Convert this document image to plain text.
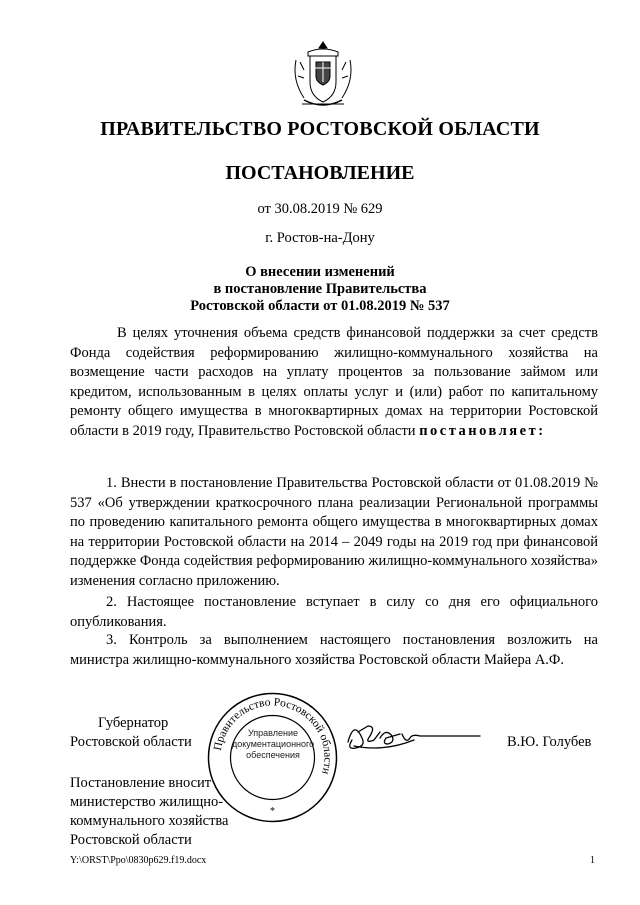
ПРАВИТЕЛЬСТВО РОСТОВСКОЙ ОБЛАСТИ
ПОСТАНОВЛЕНИЕ
от 30.08.2019 № 629
г. Ростов-на-Дону
О внесении изменений
в постановление Правительства
Ростовской области от 01.08.2019 № 537

В целях уточнения объема средств финансовой поддержки за счет средств Фонда содействия реформированию жилищно-коммунального хозяйства на возмещение части расходов на уплату процентов за пользование займом или кредитом, использованным в целях оплаты услуг и (или) работ по капитальному ремонту общего имущества в многоквартирных домах на территории Ростовской области в 2019 году, Правительство Ростовской области постановляет:

1. Внести в постановление Правительства Ростовской области от 01.08.2019 № 537 «Об утверждении краткосрочного плана реализации Региональной программы по проведению капитального ремонта общего имущества в многоквартирных домах на территории Ростовской области на 2014 – 2049 годы на 2019 год при финансовой поддержке Фонда содействия реформированию жилищно-коммунального хозяйства» изменения согласно приложению.

2. Настоящее постановление вступает в силу со дня его официального опубликования.

3. Контроль за выполнением настоящего постановления возложить на министра жилищно-коммунального хозяйства Ростовской области Майера А.Ф.

Губернатор
Ростовской области Правительство Ростовской области
*
Управление
документационного
обеспечения
В.Ю. Голубев
Постановление вносит
министерство жилищно-
коммунального хозяйства
Ростовской области
Y:\ORST\Ppo\0830p629.f19.docx	1
